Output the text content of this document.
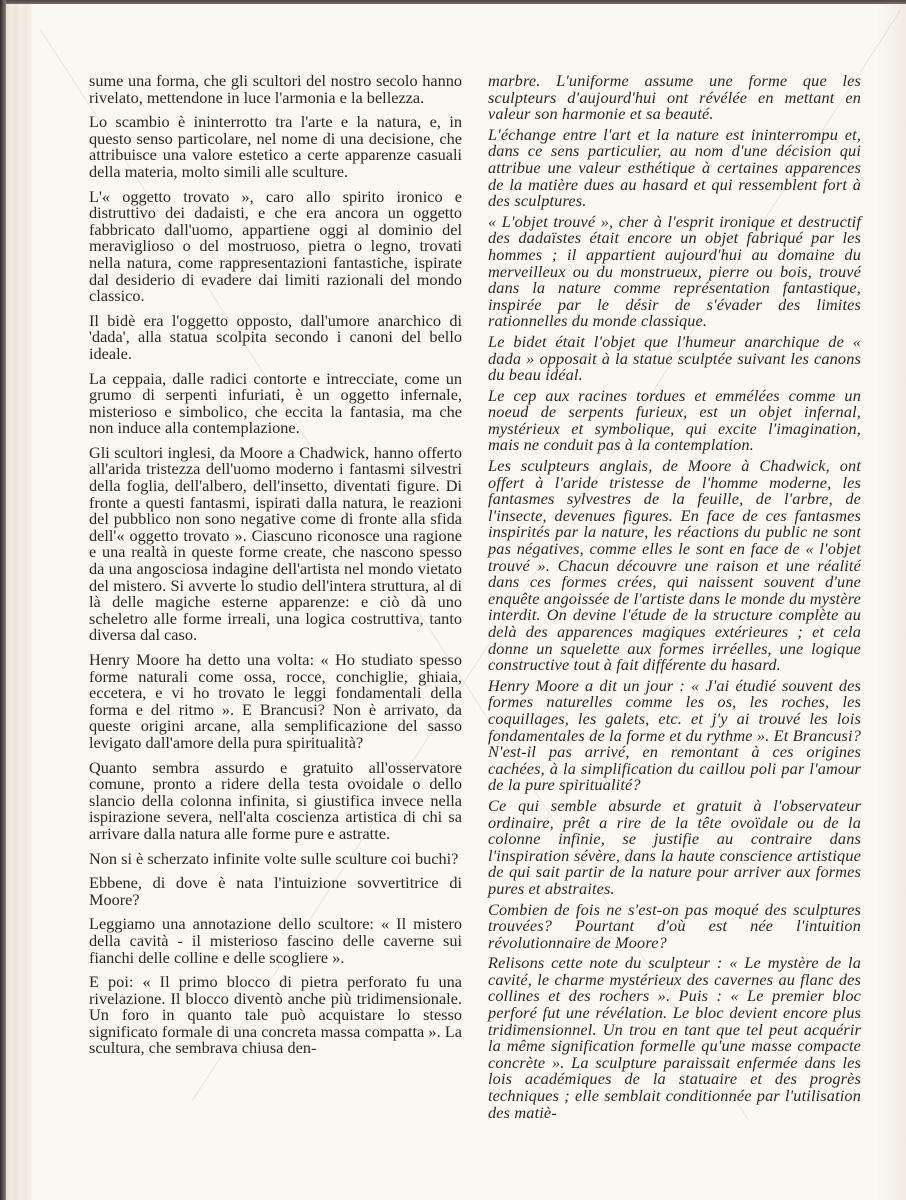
sume una forma, che gli scultori del nostro secolo hanno rivelato, mettendone in luce l'armonia e la bellezza.

Lo scambio è ininterrotto tra l'arte e la natura, e, in questo senso particolare, nel nome di una decisione, che attribuisce una valore estetico a certe apparenze casuali della materia, molto simili alle sculture.

L'« oggetto trovato », caro allo spirito ironico e distruttivo dei dadaisti, e che era ancora un oggetto fabbricato dall'uomo, appartiene oggi al dominio del meraviglioso o del mostruoso, pietra o legno, trovati nella natura, come rappresentazioni fantastiche, ispirate dal desiderio di evadere dai limiti razionali del mondo classico.

Il bidè era l'oggetto opposto, dall'umore anarchico di 'dada', alla statua scolpita secondo i canoni del bello ideale.

La ceppaia, dalle radici contorte e intrecciate, come un grumo di serpenti infuriati, è un oggetto infernale, misterioso e simbolico, che eccita la fantasia, ma che non induce alla contemplazione.

Gli scultori inglesi, da Moore a Chadwick, hanno offerto all'arida tristezza dell'uomo moderno i fantasmi silvestri della foglia, dell'albero, dell'insetto, diventati figure. Di fronte a questi fantasmi, ispirati dalla natura, le reazioni del pubblico non sono negative come di fronte alla sfida dell'« oggetto trovato ». Ciascuno riconosce una ragione e una realtà in queste forme create, che nascono spesso da una angosciosa indagine dell'artista nel mondo vietato del mistero. Si avverte lo studio dell'intera struttura, al di là delle magiche esterne apparenze: e ciò dà uno scheletro alle forme irreali, una logica costruttiva, tanto diversa dal caso.

Henry Moore ha detto una volta: « Ho studiato spesso forme naturali come ossa, rocce, conchiglie, ghiaia, eccetera, e vi ho trovato le leggi fondamentali della forma e del ritmo ». E Brancusi? Non è arrivato, da queste origini arcane, alla semplificazione del sasso levigato dall'amore della pura spiritualità?

Quanto sembra assurdo e gratuito all'osservatore comune, pronto a ridere della testa ovoidale o dello slancio della colonna infinita, si giustifica invece nella ispirazione severa, nell'alta coscienza artistica di chi sa arrivare dalla natura alle forme pure e astratte.

Non si è scherzato infinite volte sulle sculture coi buchi?

Ebbene, di dove è nata l'intuizione sovvertitrice di Moore?

Leggiamo una annotazione dello scultore: « Il mistero della cavità - il misterioso fascino delle caverne sui fianchi delle colline e delle scogliere ».

E poi: « Il primo blocco di pietra perforato fu una rivelazione. Il blocco diventò anche più tridimensionale. Un foro in quanto tale può acquistare lo stesso significato formale di una concreta massa compatta ». La scultura, che sembrava chiusa den-

marbre. L'uniforme assume une forme que les sculpteurs d'aujourd'hui ont révélée en mettant en valeur son harmonie et sa beauté.

L'échange entre l'art et la nature est ininterrompu et, dans ce sens particulier, au nom d'une décision qui attribue une valeur esthétique à certaines apparences de la matière dues au hasard et qui ressemblent fort à des sculptures.

« L'objet trouvé », cher à l'esprit ironique et destructif des dadaïstes était encore un objet fabriqué par les hommes ; il appartient aujourd'hui au domaine du merveilleux ou du monstrueux, pierre ou bois, trouvé dans la nature comme représentation fantastique, inspirée par le désir de s'évader des limites rationnelles du monde classique.

Le bidet était l'objet que l'humeur anarchique de « dada » opposait à la statue sculptée suivant les canons du beau idéal.

Le cep aux racines tordues et emmélées comme un noeud de serpents furieux, est un objet infernal, mystérieux et symbolique, qui excite l'imagination, mais ne conduit pas à la contemplation.

Les sculpteurs anglais, de Moore à Chadwick, ont offert à l'aride tristesse de l'homme moderne, les fantasmes sylvestres de la feuille, de l'arbre, de l'insecte, devenues figures. En face de ces fantasmes inspirités par la nature, les réactions du public ne sont pas négatives, comme elles le sont en face de « l'objet trouvé ». Chacun découvre une raison et une réalité dans ces formes crées, qui naissent souvent d'une enquête angoissée de l'artiste dans le monde du mystère interdit. On devine l'étude de la structure complète au delà des apparences magiques extérieures ; et cela donne un squelette aux formes irréelles, une logique constructive tout à fait différente du hasard.

Henry Moore a dit un jour : « J'ai étudié souvent des formes naturelles comme les os, les roches, les coquillages, les galets, etc. et j'y ai trouvé les lois fondamentales de la forme et du rythme ». Et Brancusi? N'est-il pas arrivé, en remontant à ces origines cachées, à la simplification du caillou poli par l'amour de la pure spiritualité?

Ce qui semble absurde et gratuit à l'observateur ordinaire, prêt a rire de la tête ovoïdale ou de la colonne infinie, se justifie au contraire dans l'inspiration sévère, dans la haute conscience artistique de qui sait partir de la nature pour arriver aux formes pures et abstraites.

Combien de fois ne s'est-on pas moqué des sculptures trouvées? Pourtant d'où est née l'intuition révolutionnaire de Moore?

Relisons cette note du sculpteur : « Le mystère de la cavité, le charme mystérieux des cavernes au flanc des collines et des rochers ». Puis : « Le premier bloc perforé fut une révélation. Le bloc devient encore plus tridimensionnel. Un trou en tant que tel peut acquérir la même signification formelle qu'une masse compacte concrète ». La sculpture paraissait enfermée dans les lois académiques de la statuaire et des progrès techniques ; elle semblait conditionnée par l'utilisation des matiè-
